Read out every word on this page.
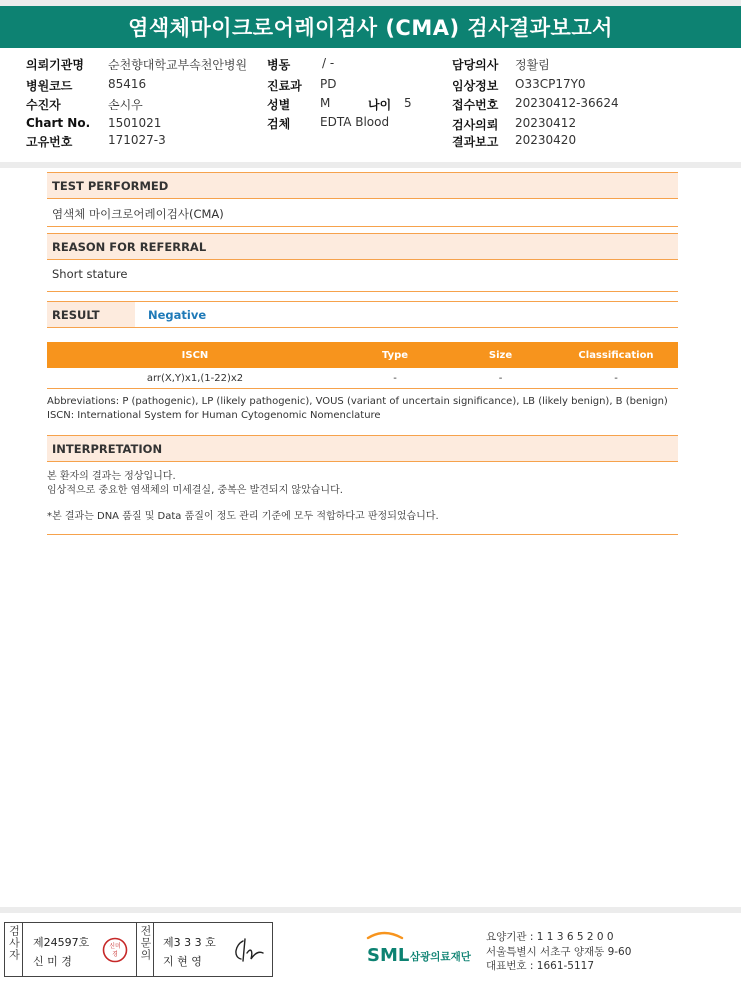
염색체마이크로어레이검사 (CMA) 검사결과보고서
의뢰기관명 순천향대학교부속천안병원
병원코드	85416
수진자	손시우
Chart No. 1501021
고유번호	171027-3
병동	/ -
진료과 PD
성별 M	나이 5
검체 EDTA Blood
담당의사 정활림
임상정보 O33CP17Y0
접수번호 20230412-36624
검사의뢰 20230412
결과보고 20230420
TEST PERFORMED
염색체 마이크로어레이검사(CMA)
REASON FOR REFERRAL
Short stature
RESULT	Negative
ISCN	Type	Size	Classification
arr(X,Y)x1,(1-22)x2	-	-	-
Abbreviations: P (pathogenic), LP (likely pathogenic), VOUS (variant of uncertain significance), LB (likely benign), B (benign)
ISCN: International System for Human Cytogenomic Nomenclature
INTERPRETATION
본 환자의 결과는 정상입니다.
임상적으로 중요한 염색체의 미세결실, 중복은 발견되지 않았습니다.
*본 결과는 DNA 품질 및 Data 품질이 정도 관리 기준에 모두 적합하다고 판정되었습니다.
검사자 제24597호
신 미 경
신미
경 전문의 제3 3 3 호
지 현 영	SML 삼광의료재단
요양기관 : 1 1 3 6 5 2 0 0
서울특별시 서초구 양재동 9-60
대표번호 : 1661-5117
